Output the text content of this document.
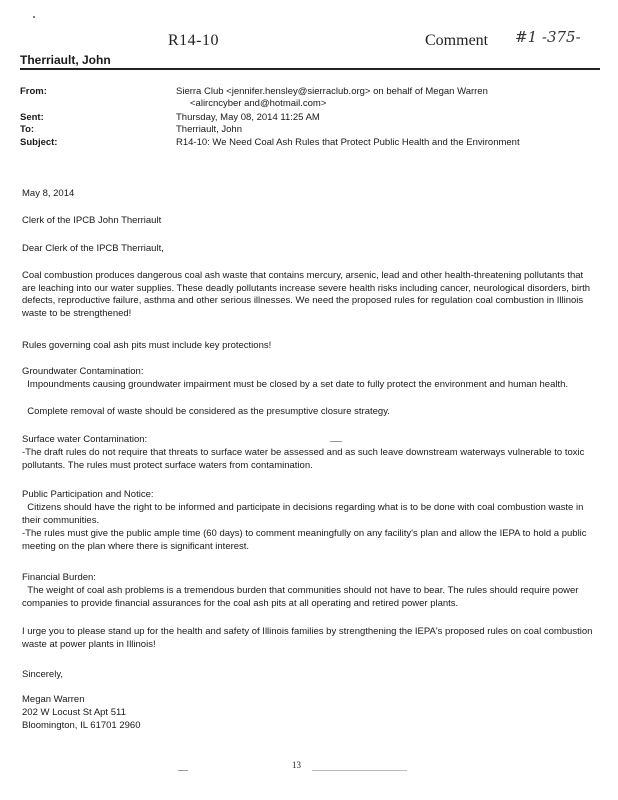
R14-10	Comment #1 -375-
Therriault, John
From:	Sierra Club <jennifer.hensley@sierraclub.org> on behalf of Megan Warren
<alircncyber and@hotmail.com>
Sent:	Thursday, May 08, 2014 11:25 AM
To:	Therriault, John
Subject:	R14-10: We Need Coal Ash Rules that Protect Public Health and the Environment
May 8, 2014
Clerk of the IPCB John Therriault
Dear Clerk of the IPCB Therriault,
Coal combustion produces dangerous coal ash waste that contains mercury, arsenic, lead and other health-threatening pollutants that are leaching into our water supplies. These deadly pollutants increase severe health risks including cancer, neurological disorders, birth defects, reproductive failure, asthma and other serious illnesses. We need the proposed rules for regulation coal combustion in Illinois waste to be strengthened!
Rules governing coal ash pits must include key protections!
Groundwater Contamination:
Impoundments causing groundwater impairment must be closed by a set date to fully protect the environment and human health.
Complete removal of waste should be considered as the presumptive closure strategy.
Surface water Contamination:
-The draft rules do not require that threats to surface water be assessed and as such leave downstream waterways vulnerable to toxic pollutants. The rules must protect surface waters from contamination.
Public Participation and Notice:
Citizens should have the right to be informed and participate in decisions regarding what is to be done with coal combustion waste in their communities.
-The rules must give the public ample time (60 days) to comment meaningfully on any facility's plan and allow the IEPA to hold a public meeting on the plan where there is significant interest.
Financial Burden:
The weight of coal ash problems is a tremendous burden that communities should not have to bear. The rules should require power companies to provide financial assurances for the coal ash pits at all operating and retired power plants.
I urge you to please stand up for the health and safety of Illinois families by strengthening the IEPA's proposed rules on coal combustion waste at power plants in Illinois!
Sincerely,
Megan Warren
202 W Locust St Apt 511
Bloomington, IL 61701 2960
13
